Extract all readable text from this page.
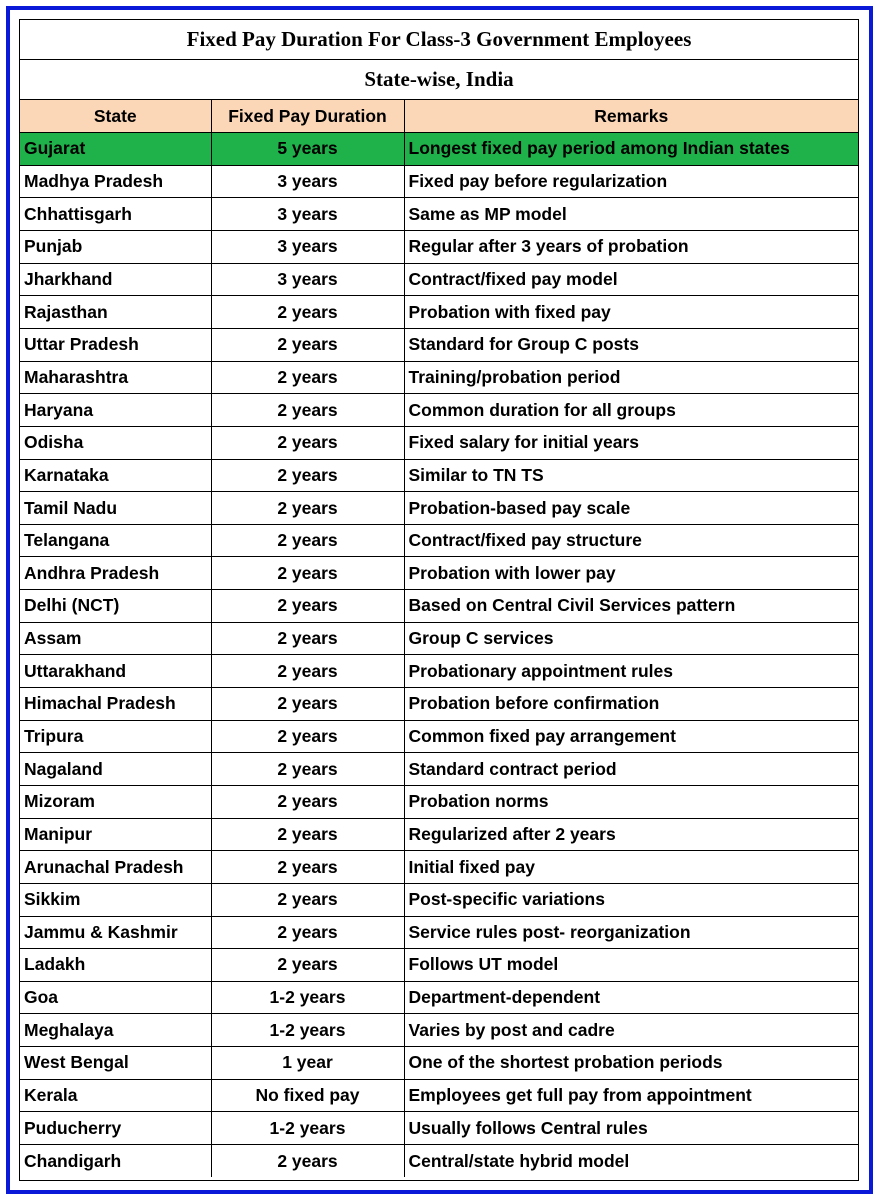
Fixed Pay Duration For Class-3 Government Employees
State-wise, India
State	Fixed Pay Duration	Remarks
Gujarat	5 years	Longest fixed pay period among Indian states
Madhya Pradesh	3 years	Fixed pay before regularization
Chhattisgarh	3 years	Same as MP model
Punjab	3 years	Regular after 3 years of probation
Jharkhand	3 years	Contract/fixed pay model
Rajasthan	2 years	Probation with fixed pay
Uttar Pradesh	2 years	Standard for Group C posts
Maharashtra	2 years	Training/probation period
Haryana	2 years	Common duration for all groups
Odisha	2 years	Fixed salary for initial years
Karnataka	2 years	Similar to TN TS
Tamil Nadu	2 years	Probation-based pay scale
Telangana	2 years	Contract/fixed pay structure
Andhra Pradesh	2 years	Probation with lower pay
Delhi (NCT)	2 years	Based on Central Civil Services pattern
Assam	2 years	Group C services
Uttarakhand	2 years	Probationary appointment rules
Himachal Pradesh	2 years	Probation before confirmation
Tripura	2 years	Common fixed pay arrangement
Nagaland	2 years	Standard contract period
Mizoram	2 years	Probation norms
Manipur	2 years	Regularized after 2 years
Arunachal Pradesh	2 years	Initial fixed pay
Sikkim	2 years	Post-specific variations
Jammu & Kashmir	2 years	Service rules post- reorganization
Ladakh	2 years	Follows UT model
Goa	1-2 years	Department-dependent
Meghalaya	1-2 years	Varies by post and cadre
West Bengal	1 year	One of the shortest probation periods
Kerala	No fixed pay	Employees get full pay from appointment
Puducherry	1-2 years	Usually follows Central rules
Chandigarh	2 years	Central/state hybrid model
